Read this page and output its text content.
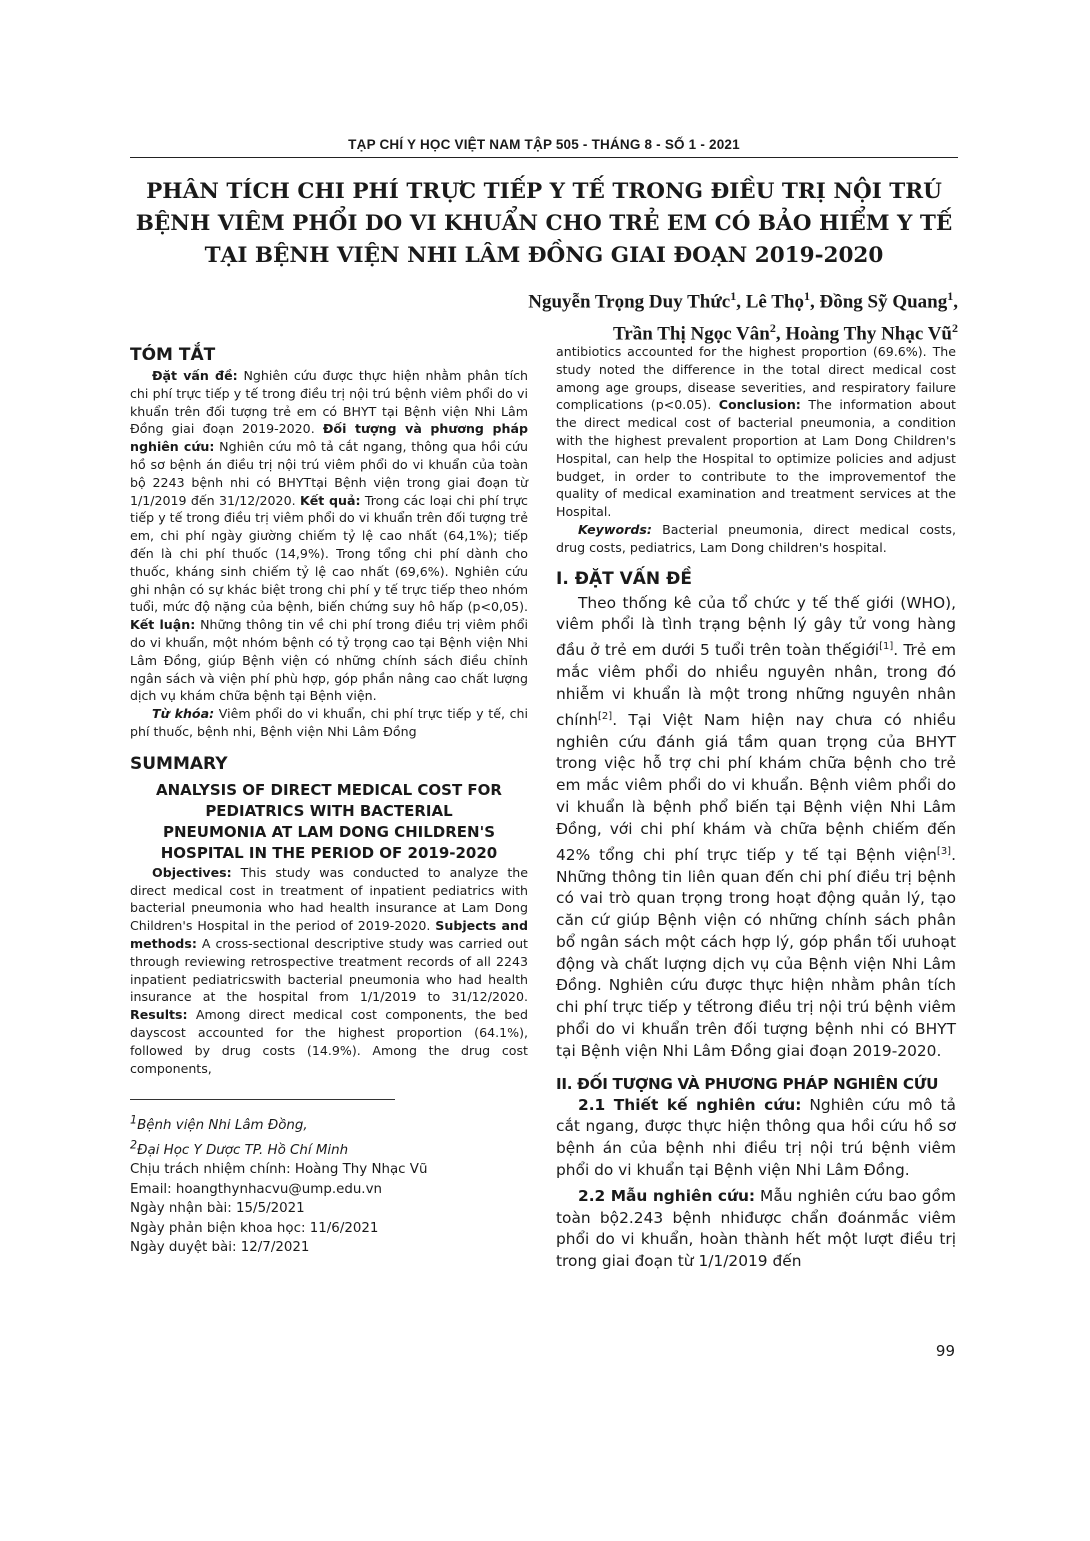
TẠP CHÍ Y HỌC VIỆT NAM TẬP 505 - THÁNG 8 - SỐ 1 - 2021
PHÂN TÍCH CHI PHÍ TRỰC TIẾP Y TẾ TRONG ĐIỀU TRỊ NỘI TRÚ
BỆNH VIÊM PHỔI DO VI KHUẨN CHO TRẺ EM CÓ BẢO HIỂM Y TẾ
TẠI BỆNH VIỆN NHI LÂM ĐỒNG GIAI ĐOẠN 2019-2020
Nguyễn Trọng Duy Thức$^1$, Lê Thọ$^1$, Đồng Sỹ Quang$^1$,
Trần Thị Ngọc Vân$^2$, Hoàng Thy Nhạc $Vũ^2$
TÓM TẮT

Đặt vấn đề: Nghiên cứu được thực hiện nhằm phân tích chi phí trực tiếp y tế trong điều trị nội trú bệnh viêm phổi do vi khuẩn trên đối tượng trẻ em có BHYT tại Bệnh viện Nhi Lâm Đồng giai đoạn 2019-2020. Đối tượng và phương pháp nghiên cứu: Nghiên cứu mô tả cắt ngang, thông qua hồi cứu hồ sơ bệnh án điều trị nội trú viêm phổi do vi khuẩn của toàn bộ 2243 bệnh nhi có BHYTtại Bệnh viện trong giai đoạn từ 1/1/2019 đến 31/12/2020. Kết quả: Trong các loại chi phí trực tiếp y tế trong điều trị viêm phổi do vi khuẩn trên đối tượng trẻ em, chi phí ngày giường chiếm tỷ lệ cao nhất (64,1%); tiếp đến là chi phí thuốc (14,9%). Trong tổng chi phí dành cho thuốc, kháng sinh chiếm tỷ lệ cao nhất (69,6%). Nghiên cứu ghi nhận có sự khác biệt trong chi phí y tế trực tiếp theo nhóm tuổi, mức độ nặng của bệnh, biến chứng suy hô hấp (p<0,05). Kết luận: Những thông tin về chi phí trong điều trị viêm phổi do vi khuẩn, một nhóm bệnh có tỷ trọng cao tại Bệnh viện Nhi Lâm Đồng, giúp Bệnh viện có những chính sách điều chỉnh ngân sách và viện phí phù hợp, góp phần nâng cao chất lượng dịch vụ khám chữa bệnh tại Bệnh viện.

Từ khóa: Viêm phổi do vi khuẩn, chi phí trực tiếp y tế, chi phí thuốc, bệnh nhi, Bệnh viện Nhi Lâm Đồng

SUMMARY
ANALYSIS OF DIRECT MEDICAL COST FOR
PEDIATRICS WITH BACTERIAL
PNEUMONIA AT LAM DONG CHILDREN'S
HOSPITAL IN THE PERIOD OF 2019-2020

Objectives: This study was conducted to analyze the direct medical cost in treatment of inpatient pediatrics with bacterial pneumonia who had health insurance at Lam Dong Children's Hospital in the period of 2019-2020. Subjects and methods: A cross-sectional descriptive study was carried out through reviewing retrospective treatment records of all 2243 inpatient pediatricswith bacterial pneumonia who had health insurance at the hospital from 1/1/2019 to 31/12/2020. Results: Among direct medical cost components, the bed dayscost accounted for the highest proportion (64.1%), followed by drug costs (14.9%). Among the drug cost components,

$^1$Bệnh viện Nhi Lâm Đồng,

$^2$Đại Học Y Dược TP. Hồ Chí Minh

Chịu trách nhiệm chính: Hoàng Thy Nhạc Vũ

Email: hoangthynhacvu@ump.edu.vn

Ngày nhận bài: 15/5/2021

Ngày phản biện khoa học: 11/6/2021

Ngày duyệt bài: 12/7/2021

antibiotics accounted for the highest proportion (69.6%). The study noted the difference in the total direct medical cost among age groups, disease severities, and respiratory failure complications (p<0.05). Conclusion: The information about the direct medical cost of bacterial pneumonia, a condition with the highest prevalent proportion at Lam Dong Children's Hospital, can help the Hospital to optimize policies and adjust budget, in order to contribute to the improvementof the quality of medical examination and treatment services at the Hospital.

Keywords: Bacterial pneumonia, direct medical costs, drug costs, pediatrics, Lam Dong children's hospital.

I. ĐẶT VẤN ĐỀ

Theo thống kê của tổ chức y tế thế giới (WHO), viêm phổi là tình trạng bệnh lý gây tử vong hàng đầu ở trẻ em dưới 5 tuổi trên toàn thếgiới[1]. Trẻ em mắc viêm phổi do nhiều nguyên nhân, trong đó nhiễm vi khuẩn là một trong những nguyên nhân chính[2]. Tại Việt Nam hiện nay chưa có nhiều nghiên cứu đánh giá tầm quan trọng của BHYT trong việc hỗ trợ chi phí khám chữa bệnh cho trẻ em mắc viêm phổi do vi khuẩn. Bệnh viêm phổi do vi khuẩn là bệnh phổ biến tại Bệnh viện Nhi Lâm Đồng, với chi phí khám và chữa bệnh chiếm đến 42% tổng chi phí trực tiếp y tế tại Bệnh viện[3]. Những thông tin liên quan đến chi phí điều trị bệnh có vai trò quan trọng trong hoạt động quản lý, tạo căn cứ giúp Bệnh viện có những chính sách phân bổ ngân sách một cách hợp lý, góp phần tối ưuhoạt động và chất lượng dịch vụ của Bệnh viện Nhi Lâm Đồng. Nghiên cứu được thực hiện nhằm phân tích chi phí trực tiếp y tếtrong điều trị nội trú bệnh viêm phổi do vi khuẩn trên đối tượng bệnh nhi có BHYT tại Bệnh viện Nhi Lâm Đồng giai đoạn 2019-2020.

II. ĐỐI TƯỢNG VÀ PHƯƠNG PHÁP NGHIÊN CỨU

2.1 Thiết kế nghiên cứu: Nghiên cứu mô tả cắt ngang, được thực hiện thông qua hồi cứu hồ sơ bệnh án của bệnh nhi điều trị nội trú bệnh viêm phổi do vi khuẩn tại Bệnh viện Nhi Lâm Đồng.

2.2 Mẫu nghiên cứu: Mẫu nghiên cứu bao gồm toàn bộ2.243 bệnh nhiđược chẩn đoánmắc viêm phổi do vi khuẩn, hoàn thành hết một lượt điều trị trong giai đoạn từ 1/1/2019 đến

99
